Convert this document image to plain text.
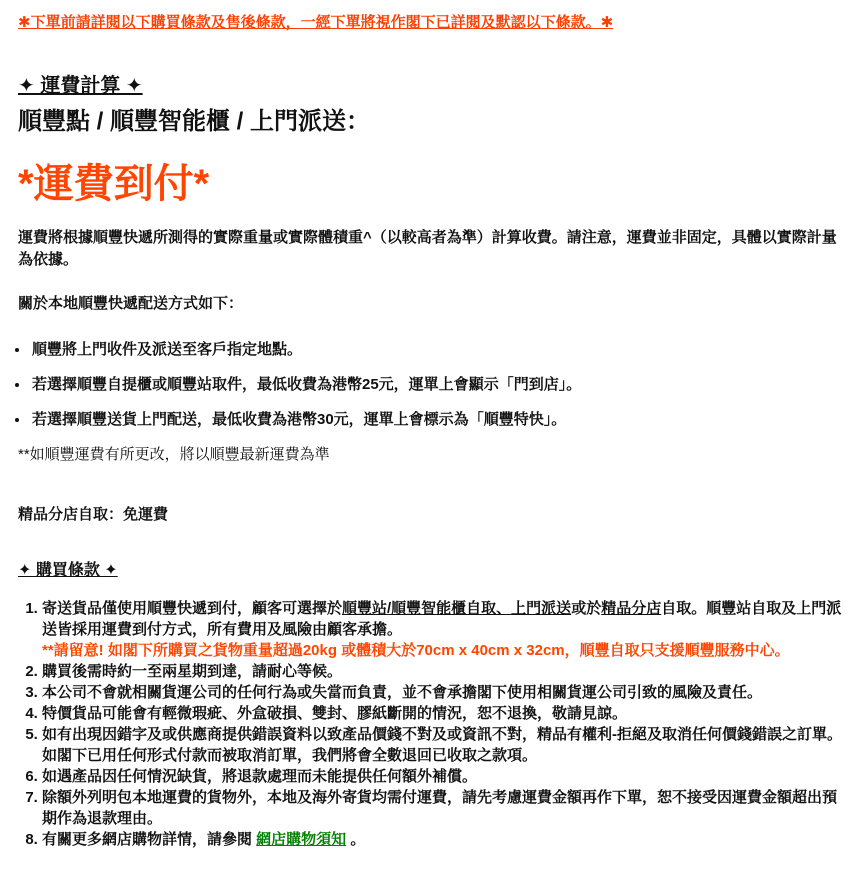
✱下單前請詳閱以下購買條款及售後條款，一經下單將視作閣下已詳閱及默認以下條款。✱

✦ 運費計算 ✦
順豐點 / 順豐智能櫃 / 上門派送：
*運費到付*

運費將根據順豐快遞所測得的實際重量或實際體積重^（以較高者為準）計算收費。請注意，運費並非固定，具體以實際計量為依據。

關於本地順豐快遞配送方式如下：

• 順豐將上門收件及派送至客戶指定地點。
• 若選擇順豐自提櫃或順豐站取件，最低收費為港幣25元，運單上會顯示「門到店」。
• 若選擇順豐送貨上門配送，最低收費為港幣30元，運單上會標示為「順豐特快」。

**如順豐運費有所更改，將以順豐最新運費為準

精品分店自取：免運費

✦ 購買條款 ✦
1. 寄送貨品僅使用順豐快遞到付，顧客可選擇於順豐站/順豐智能櫃自取、上門派送或於精品分店自取。順豐站自取及上門派送皆採用運費到付方式，所有費用及風險由顧客承擔。
**請留意! 如閣下所購買之貨物重量超過20kg 或體積大於70cm x 40cm x 32cm，順豐自取只支援順豐服務中心。
2. 購買後需時約一至兩星期到達，請耐心等候。
3. 本公司不會就相關貨運公司的任何行為或失當而負責，並不會承擔閣下使用相關貨運公司引致的風險及責任。
4. 特價貨品可能會有輕微瑕疵、外盒破損、雙封、膠紙斷開的情況，恕不退換，敬請見諒。
5. 如有出現因錯字及或供應商提供錯誤資料以致產品價錢不對及或資訊不對，精品有權利-拒絕及取消任何價錢錯誤之訂單。如閣下已用任何形式付款而被取消訂單，我們將會全數退回已收取之款項。
6. 如遇產品因任何情況缺貨，將退款處理而未能提供任何額外補償。
7. 除額外列明包本地運費的貨物外，本地及海外寄貨均需付運費，請先考慮運費金額再作下單，恕不接受因運費金額超出預期作為退款理由。
8. 有關更多網店購物詳情，請參閱 網店購物須知 。
